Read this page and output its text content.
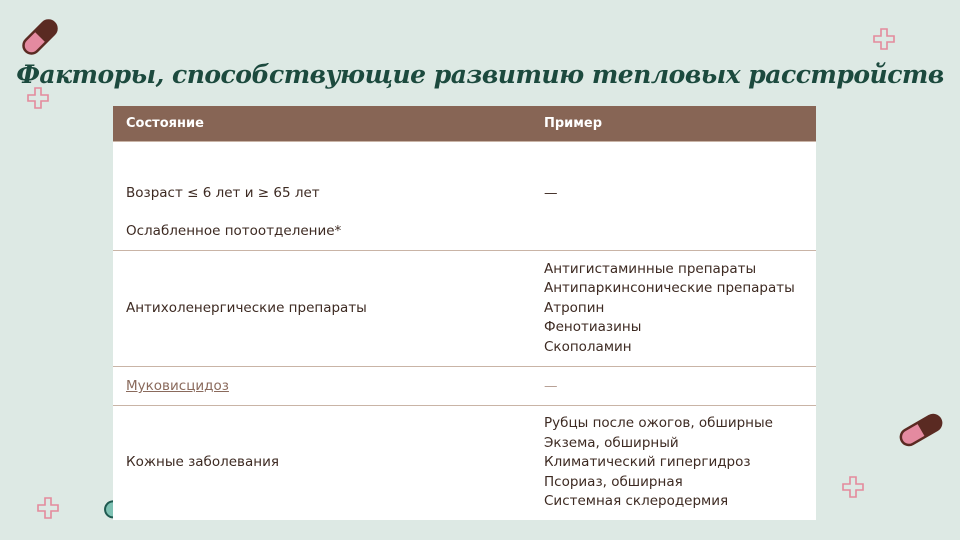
Факторы, способствующие развитию тепловых расстройств
Состояние	Пример
Возраст ≤ 6 лет и ≥ 65 лет
Ослабленное потоотделение*
—
Антихоленергические препараты
Антигистаминные препараты
Антипаркинсонические препараты
Атропин
Фенотиазины
Скополамин
Муковисцидоз	—
Кожные заболевания
Рубцы после ожогов, обширные
Экзема, обширный
Климатический гипергидроз
Псориаз, обширная
Системная склеродермия
